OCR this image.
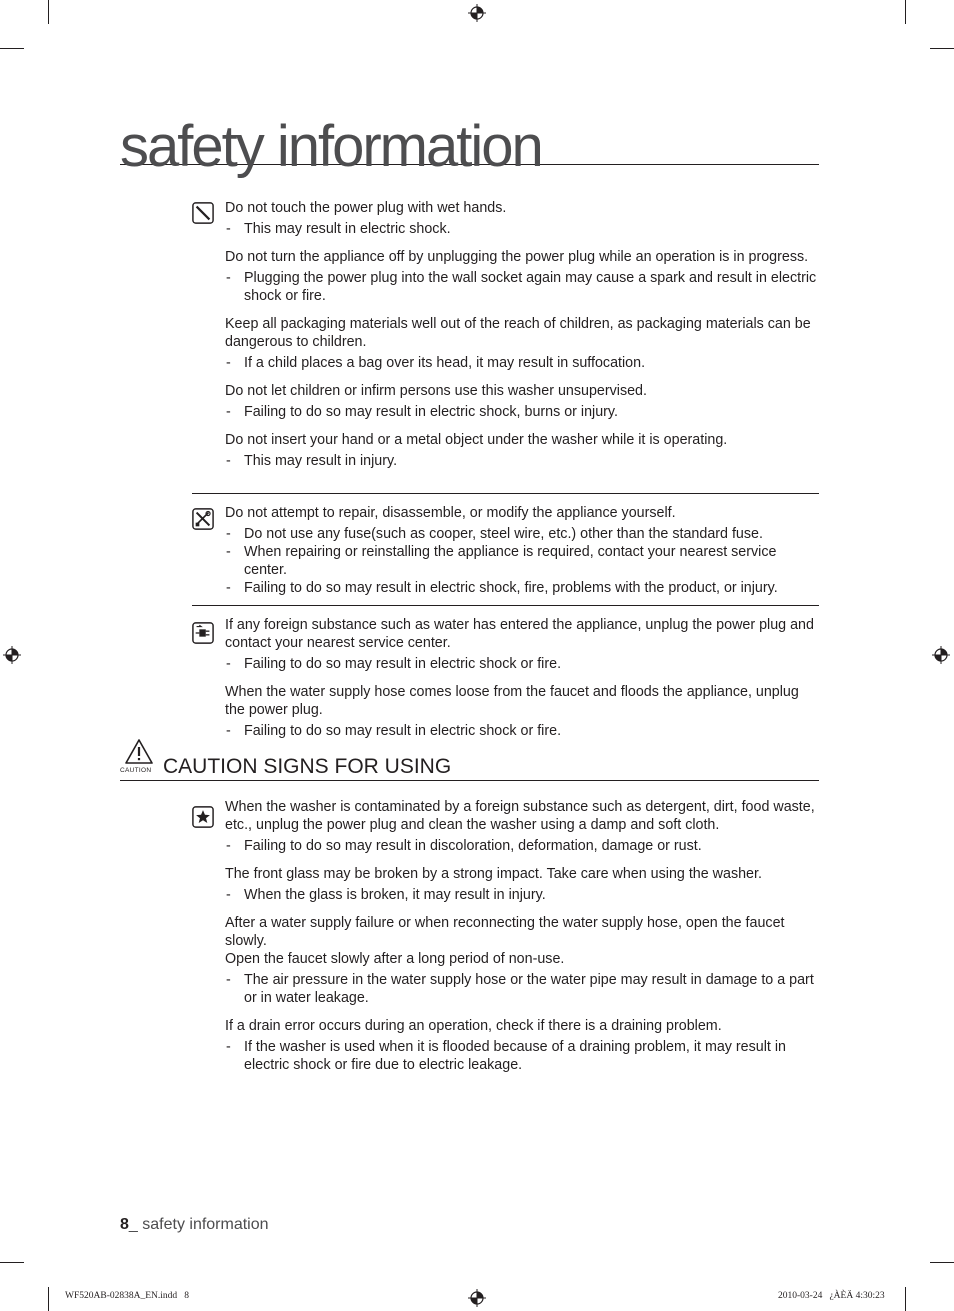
safety information
Do not touch the power plug with wet hands.
- This may result in electric shock.
Do not turn the appliance off by unplugging the power plug while an operation is in progress.
- Plugging the power plug into the wall socket again may cause a spark and result in electric shock or fire.
Keep all packaging materials well out of the reach of children, as packaging materials can be dangerous to children.
- If a child places a bag over its head, it may result in suffocation.
Do not let children or infirm persons use this washer unsupervised.
- Failing to do so may result in electric shock, burns or injury.
Do not insert your hand or a metal object under the washer while it is operating.
- This may result in injury.
Do not attempt to repair, disassemble, or modify the appliance yourself.
- Do not use any fuse(such as cooper, steel wire, etc.) other than the standard fuse.
- When repairing or reinstalling the appliance is required, contact your nearest service center.
- Failing to do so may result in electric shock, fire, problems with the product, or injury.
If any foreign substance such as water has entered the appliance, unplug the power plug and contact your nearest service center.
- Failing to do so may result in electric shock or fire.
When the water supply hose comes loose from the faucet and floods the appliance, unplug the power plug.
- Failing to do so may result in electric shock or fire.
CAUTION CAUTION SIGNS FOR USING
When the washer is contaminated by a foreign substance such as detergent, dirt, food waste, etc., unplug the power plug and clean the washer using a damp and soft cloth.
- Failing to do so may result in discoloration, deformation, damage or rust.
The front glass may be broken by a strong impact. Take care when using the washer.
- When the glass is broken, it may result in injury.
After a water supply failure or when reconnecting the water supply hose, open the faucet slowly.
Open the faucet slowly after a long period of non-use.
- The air pressure in the water supply hose or the water pipe may result in damage to a part or in water leakage.
If a drain error occurs during an operation, check if there is a draining problem.
- If the washer is used when it is flooded because of a draining problem, it may result in electric shock or fire due to electric leakage.
8_ safety information
WF520AB-02838A_EN.indd   8	2010-03-24   ¿ÀÈÄ 4:30:23
